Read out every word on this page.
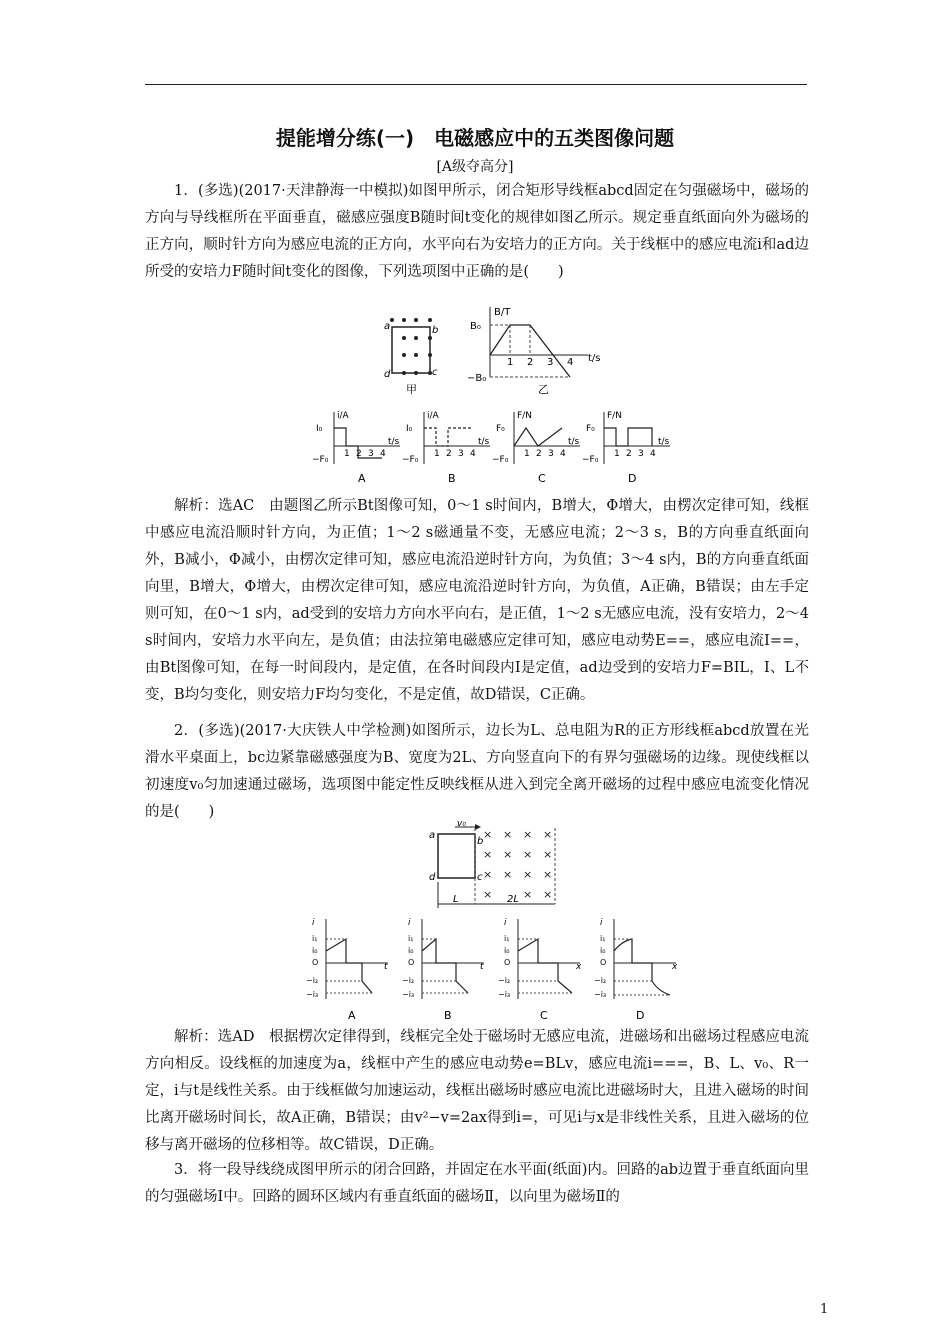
提能增分练(一)　电磁感应中的五类图像问题
[A级夺高分]

1．(多选)(2017·天津静海一中模拟)如图甲所示，闭合矩形导线框abcd固定在匀强磁场中，磁场的方向与导线框所在平面垂直，磁感应强度B随时间t变化的规律如图乙所示。规定垂直纸面向外为磁场的正方向，顺时针方向为感应电流的正方向，水平向右为安培力的正方向。关于线框中的感应电流i和ad边所受的安培力F随时间t变化的图像，下列选项图中正确的是(　　)

a	b
c
d
甲
B/T
B₀
−B₀
1 2 3 4 t/s
乙
i/A
I₀
−F₀
1 2 3 4
t/s
A
i/A
I₀
−F₀
1 2 3 4
t/s
B
F/N
F₀
−F₀
1 2 3 4
t/s
C
F/N
F₀
−F₀
1 2 3 4
t/s
D

解析：选AC　由题图乙所示Bt图像可知，0～1 s时间内，B增大，Φ增大，由楞次定律可知，线框中感应电流沿顺时针方向，为正值；1～2 s磁通量不变，无感应电流；2～3 s，B的方向垂直纸面向外，B减小，Φ减小，由楞次定律可知，感应电流沿逆时针方向，为负值；3～4 s内，B的方向垂直纸面向里，B增大，Φ增大，由楞次定律可知，感应电流沿逆时针方向，为负值，A正确，B错误；由左手定则可知，在0～1 s内，ad受到的安培力方向水平向右，是正值，1～2 s无感应电流，没有安培力，2～4 s时间内，安培力水平向左，是负值；由法拉第电磁感应定律可知，感应电动势E==，感应电流I==，由Bt图像可知，在每一时间段内，是定值，在各时间段内I是定值，ad边受到的安培力F=BIL，I、L不变，B均匀变化，则安培力F均匀变化，不是定值，故D错误，C正确。

2．(多选)(2017·大庆铁人中学检测)如图所示，边长为L、总电阻为R的正方形线框abcd放置在光滑水平桌面上，bc边紧靠磁感强度为B、宽度为2L、方向竖直向下的有界匀强磁场的边缘。现使线框以初速度v₀匀加速通过磁场，选项图中能定性反映线框从进入到完全离开磁场的过程中感应电流变化情况的是(　　)

v₀
a
b
c
d
× × × ×
× × × ×
× × × ×
×	× ×
L	2L
i
i₁
i₀
O
−i₂
−i₃
t
A
i
i₁
i₀
O
−i₂
−i₃
t
B
i
i₁
i₀
O
−i₂
−i₃
x
C
i
i₁
i₀
O
−i₂
−i₃
x
D

解析：选AD　根据楞次定律得到，线框完全处于磁场时无感应电流，进磁场和出磁场过程感应电流方向相反。设线框的加速度为a，线框中产生的感应电动势e=BLv，感应电流i===，B、L、v₀、R一定，i与t是线性关系。由于线框做匀加速运动，线框出磁场时感应电流比进磁场时大，且进入磁场的时间比离开磁场时间长，故A正确，B错误；由v²−v=2ax得到i=，可见i与x是非线性关系，且进入磁场的位移与离开磁场的位移相等。故C错误，D正确。

3．将一段导线绕成图甲所示的闭合回路，并固定在水平面(纸面)内。回路的ab边置于垂直纸面向里的匀强磁场Ⅰ中。回路的圆环区域内有垂直纸面的磁场Ⅱ，以向里为磁场Ⅱ的

1
